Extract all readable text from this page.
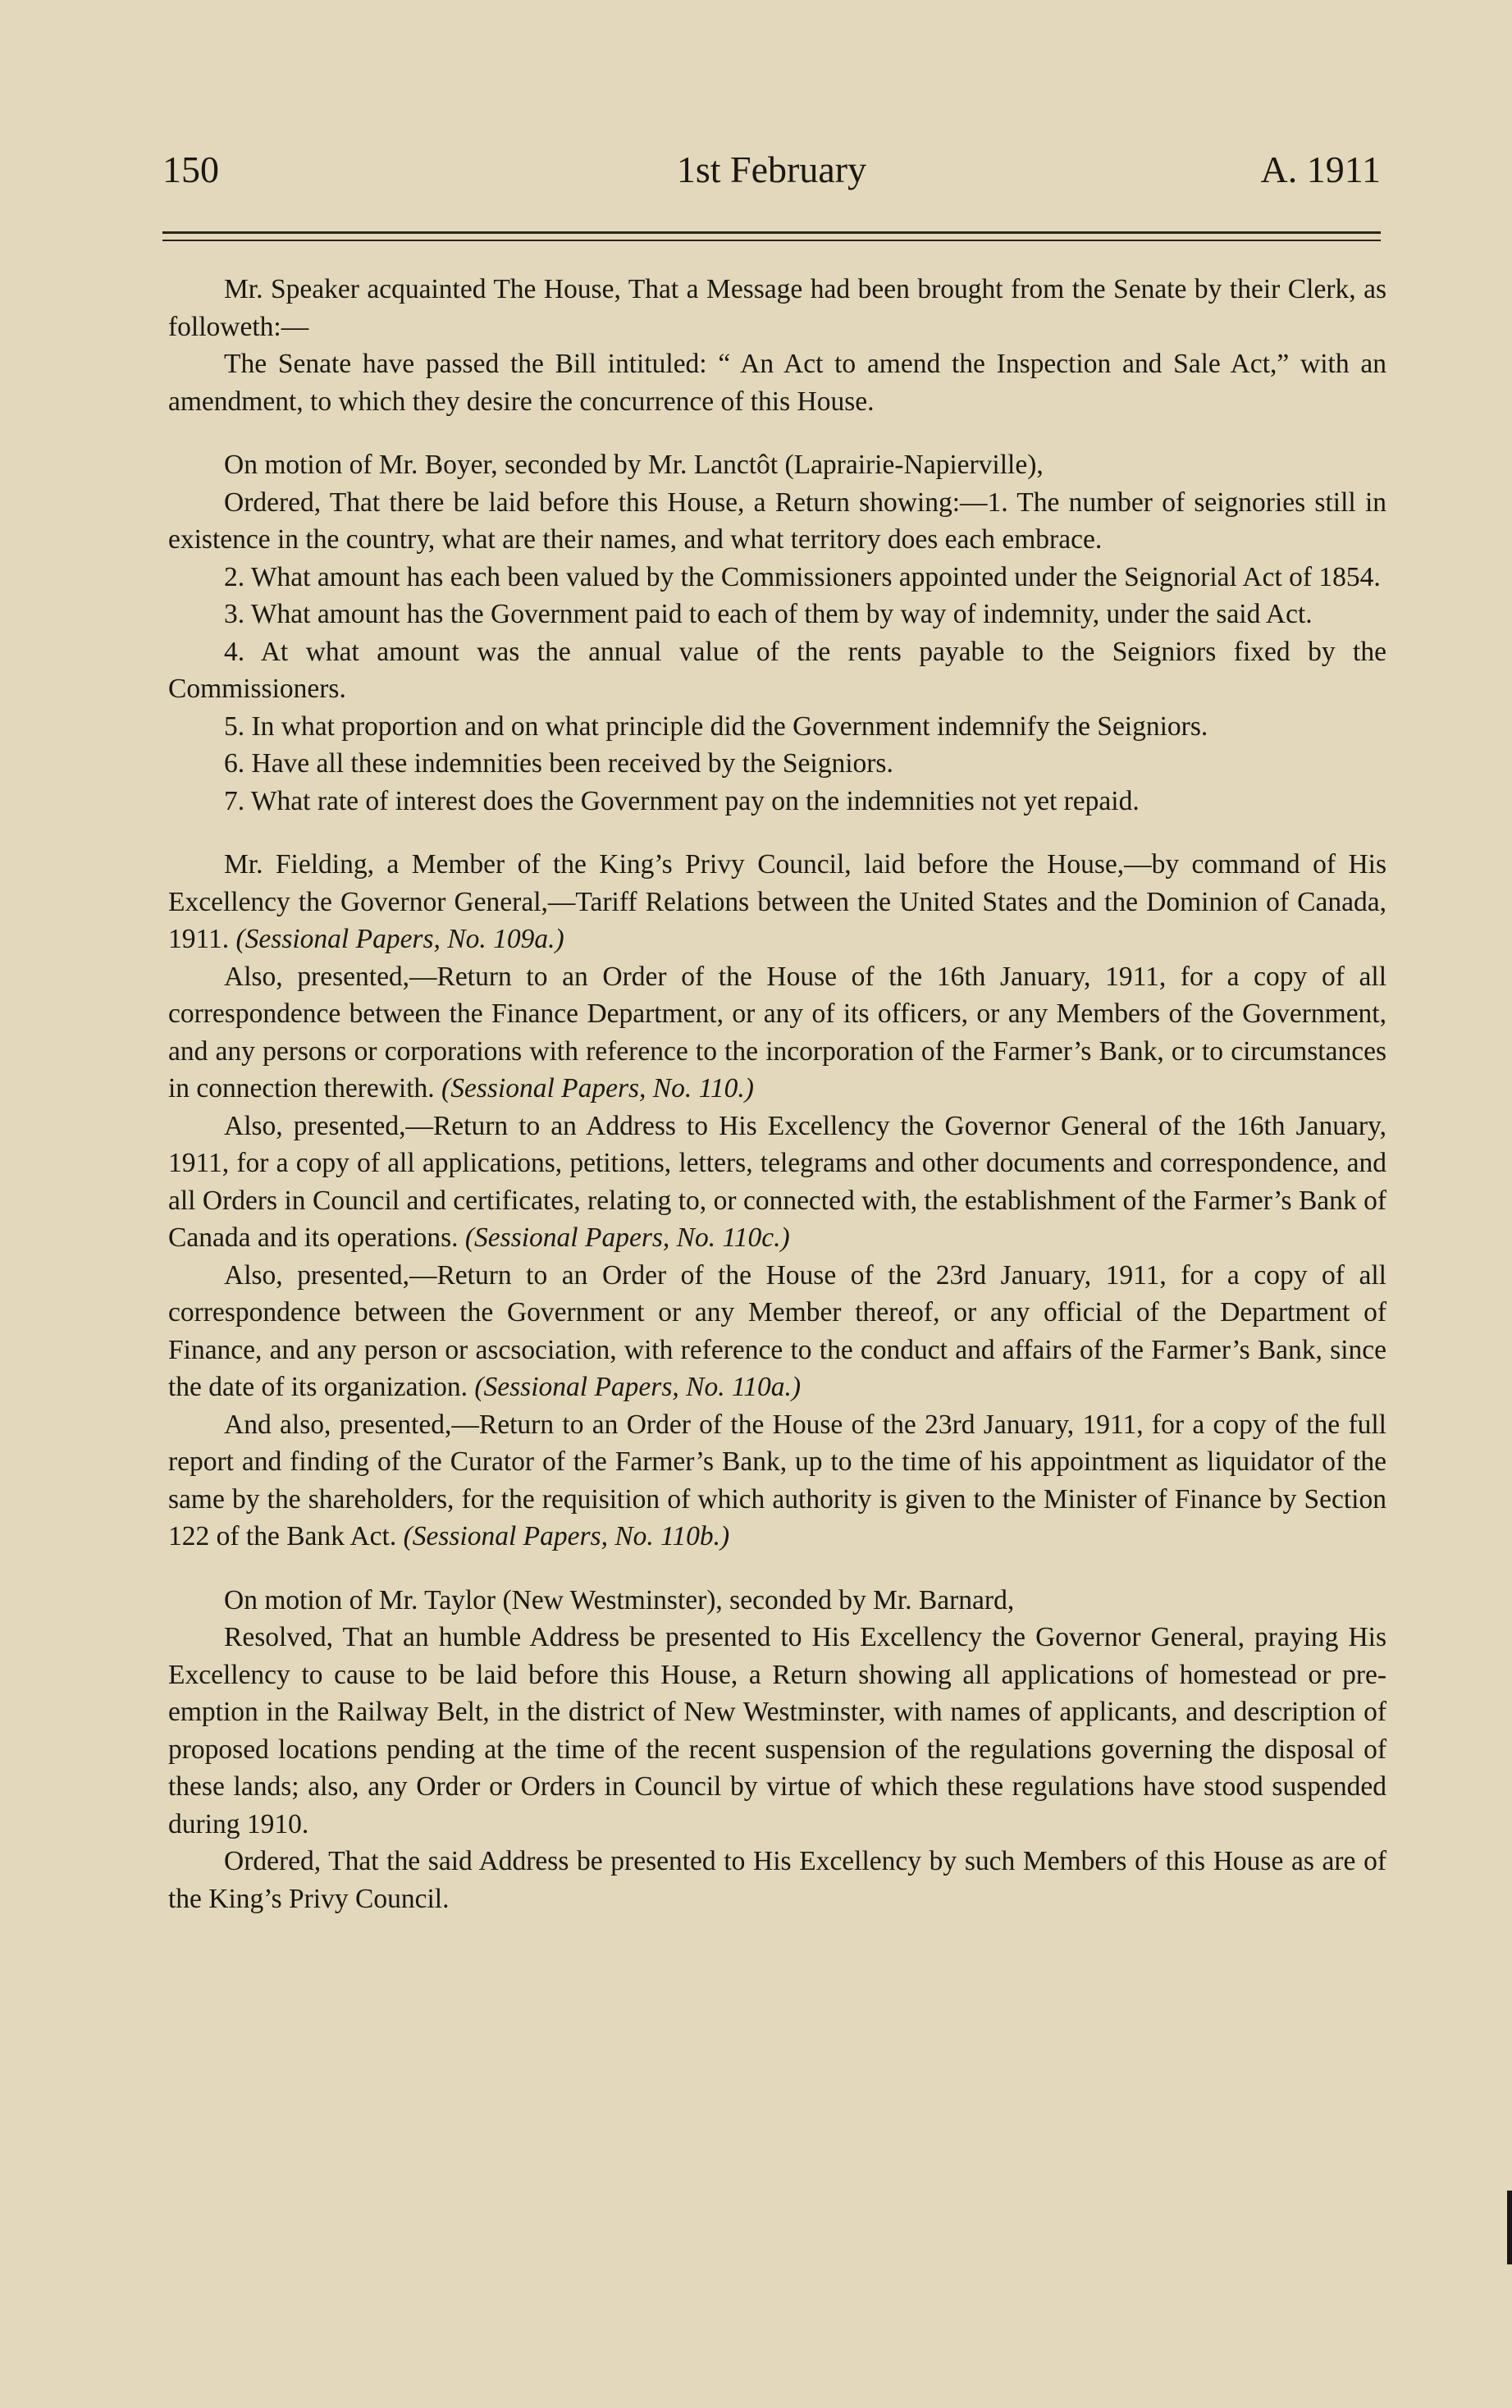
150	1st February	A. 1911

Mr. Speaker acquainted The House, That a Message had been brought from the Senate by their Clerk, as followeth:—

The Senate have passed the Bill intituled: “ An Act to amend the Inspection and Sale Act,” with an amendment, to which they desire the concurrence of this House.

On motion of Mr. Boyer, seconded by Mr. Lanctôt (Laprairie-Napierville),

Ordered, That there be laid before this House, a Return showing:—1. The number of seignories still in existence in the country, what are their names, and what territory does each embrace.

2. What amount has each been valued by the Commissioners appointed under the Seignorial Act of 1854.

3. What amount has the Government paid to each of them by way of indemnity, under the said Act.

4. At what amount was the annual value of the rents payable to the Seigniors fixed by the Commissioners.

5. In what proportion and on what principle did the Government indemnify the Seigniors.

6. Have all these indemnities been received by the Seigniors.

7. What rate of interest does the Government pay on the indemnities not yet repaid.

Mr. Fielding, a Member of the King’s Privy Council, laid before the House,—by command of His Excellency the Governor General,—Tariff Relations between the United States and the Dominion of Canada, 1911. (Sessional Papers, No. 109a.)

Also, presented,—Return to an Order of the House of the 16th January, 1911, for a copy of all correspondence between the Finance Department, or any of its officers, or any Members of the Government, and any persons or corporations with reference to the incorporation of the Farmer’s Bank, or to circumstances in connection therewith. (Sessional Papers, No. 110.)

Also, presented,—Return to an Address to His Excellency the Governor General of the 16th January, 1911, for a copy of all applications, petitions, letters, telegrams and other documents and correspondence, and all Orders in Council and certificates, relating to, or connected with, the establishment of the Farmer’s Bank of Canada and its operations. (Sessional Papers, No. 110c.)

Also, presented,—Return to an Order of the House of the 23rd January, 1911, for a copy of all correspondence between the Government or any Member thereof, or any official of the Department of Finance, and any person or ascsociation, with reference to the conduct and affairs of the Farmer’s Bank, since the date of its organization. (Sessional Papers, No. 110a.)

And also, presented,—Return to an Order of the House of the 23rd January, 1911, for a copy of the full report and finding of the Curator of the Farmer’s Bank, up to the time of his appointment as liquidator of the same by the shareholders, for the requisition of which authority is given to the Minister of Finance by Section 122 of the Bank Act. (Sessional Papers, No. 110b.)

On motion of Mr. Taylor (New Westminster), seconded by Mr. Barnard,

Resolved, That an humble Address be presented to His Excellency the Governor General, praying His Excellency to cause to be laid before this House, a Return showing all applications of homestead or pre-emption in the Railway Belt, in the district of New Westminster, with names of applicants, and description of proposed locations pending at the time of the recent suspension of the regulations governing the disposal of these lands; also, any Order or Orders in Council by virtue of which these regulations have stood suspended during 1910.

Ordered, That the said Address be presented to His Excellency by such Members of this House as are of the King’s Privy Council.
